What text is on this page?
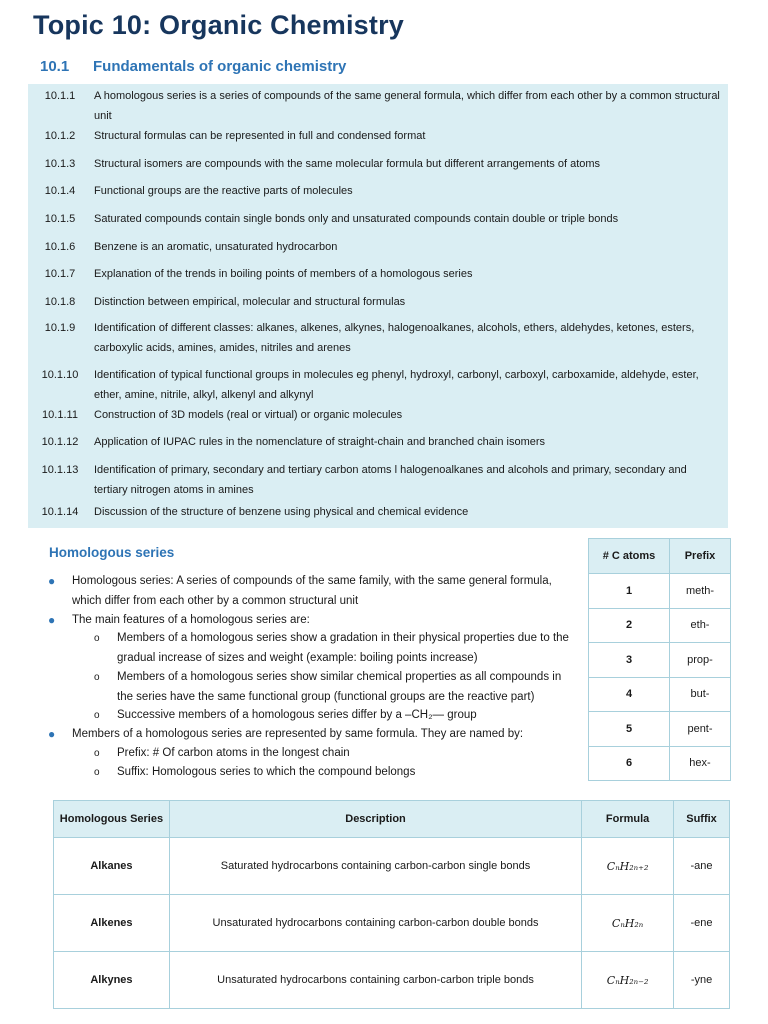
Topic 10: Organic Chemistry
10.1 Fundamentals of organic chemistry
10.1.1	A homologous series is a series of compounds of the same general formula, which differ from each other by a common structural unit
10.1.2	Structural formulas can be represented in full and condensed format
10.1.3	Structural isomers are compounds with the same molecular formula but different arrangements of atoms
10.1.4	Functional groups are the reactive parts of molecules
10.1.5	Saturated compounds contain single bonds only and unsaturated compounds contain double or triple bonds
10.1.6	Benzene is an aromatic, unsaturated hydrocarbon
10.1.7	Explanation of the trends in boiling points of members of a homologous series
10.1.8	Distinction between empirical, molecular and structural formulas
10.1.9	Identification of different classes: alkanes, alkenes, alkynes, halogenoalkanes, alcohols, ethers, aldehydes, ketones, esters, carboxylic acids, amines, amides, nitriles and arenes
10.1.10	Identification of typical functional groups in molecules eg phenyl, hydroxyl, carbonyl, carboxyl, carboxamide, aldehyde, ester, ether, amine, nitrile, alkyl, alkenyl and alkynyl
10.1.11	Construction of 3D models (real or virtual) or organic molecules
10.1.12	Application of IUPAC rules in the nomenclature of straight-chain and branched chain isomers
10.1.13	Identification of primary, secondary and tertiary carbon atoms l halogenoalkanes and alcohols and primary, secondary and tertiary nitrogen atoms in amines
10.1.14	Discussion of the structure of benzene using physical and chemical evidence
Homologous series
● Homologous series: A series of compounds of the same family, with the same general formula, which differ from each other by a common structural unit
● The main features of a homologous series are:
o Members of a homologous series show a gradation in their physical properties due to the gradual increase of sizes and weight (example: boiling points increase)
o Members of a homologous series show similar chemical properties as all compounds in the series have the same functional group (functional groups are the reactive part)
o Successive members of a homologous series differ by a –CH₂— group
● Members of a homologous series are represented by same formula. They are named by:
o Prefix: # Of carbon atoms in the longest chain
o Suffix: Homologous series to which the compound belongs
# C atoms	Prefix
1	meth-
2	eth-
3	prop-
4	but-
5	pent-
6	hex-
Homologous Series	Description	Formula	Suffix
Alkanes	Saturated hydrocarbons containing carbon-carbon single bonds	CₙH₂ₙ₊₂	-ane
Alkenes	Unsaturated hydrocarbons containing carbon-carbon double bonds	CₙH₂ₙ	-ene
Alkynes	Unsaturated hydrocarbons containing carbon-carbon triple bonds	CₙH₂ₙ₋₂	-yne
